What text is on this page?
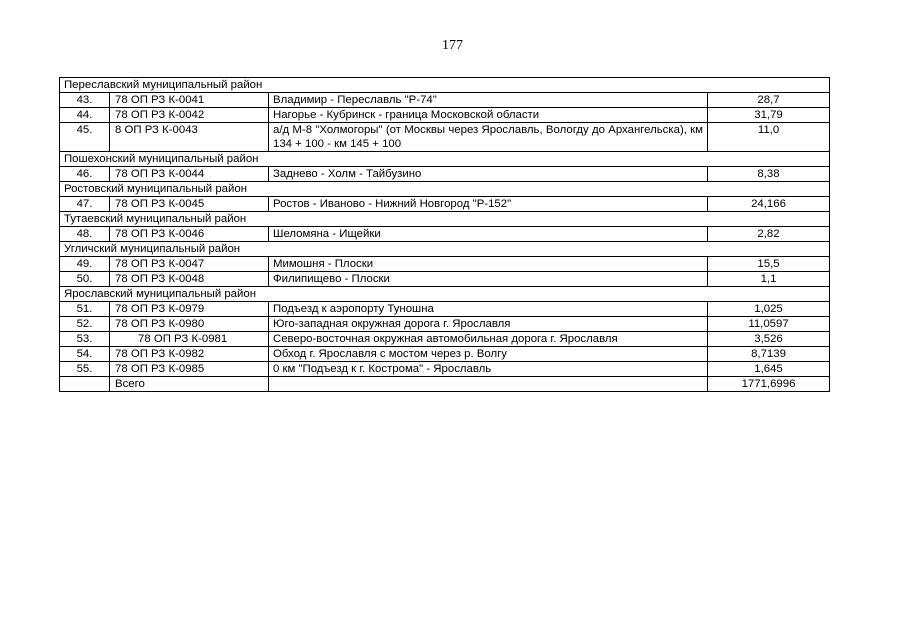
177
Переславский муниципальный район			
43.	78 ОП РЗ К-0041	Владимир - Переславль "Р-74"	28,7
44.	78 ОП РЗ К-0042	Нагорье - Кубринск - граница Московской области	31,79
45.	8 ОП РЗ К-0043	а/д М-8 "Холмогоры" (от Москвы через Ярославль, Вологду до Архангельска), км 134 + 100 - км 145 + 100	11,0
Пошехонский муниципальный район			
46.	78 ОП РЗ К-0044	Заднево - Холм - Тайбузино	8,38
Ростовский муниципальный район			
47.	78 ОП РЗ К-0045	Ростов - Иваново - Нижний Новгород "Р-152"	24,166
Тутаевский муниципальный район			
48.	78 ОП РЗ К-0046	Шеломяна - Ищейки	2,82
Угличский муниципальный район			
49.	78 ОП РЗ К-0047	Мимошня - Плоски	15,5
50.	78 ОП РЗ К-0048	Филипищево - Плоски	1,1
Ярославский муниципальный район			
51.	78 ОП РЗ К-0979	Подъезд к аэропорту Туношна	1,025
52.	78 ОП РЗ К-0980	Юго-западная окружная дорога г. Ярославля	11,0597
53.	78 ОП РЗ К-0981	Северо-восточная окружная автомобильная дорога г. Ярославля	3,526
54.	78 ОП РЗ К-0982	Обход г. Ярославля с мостом через р. Волгу	8,7139
55.	78 ОП РЗ К-0985	0 км "Подъезд к г. Кострома" - Ярославль	1,645
	Всего		1771,6996
